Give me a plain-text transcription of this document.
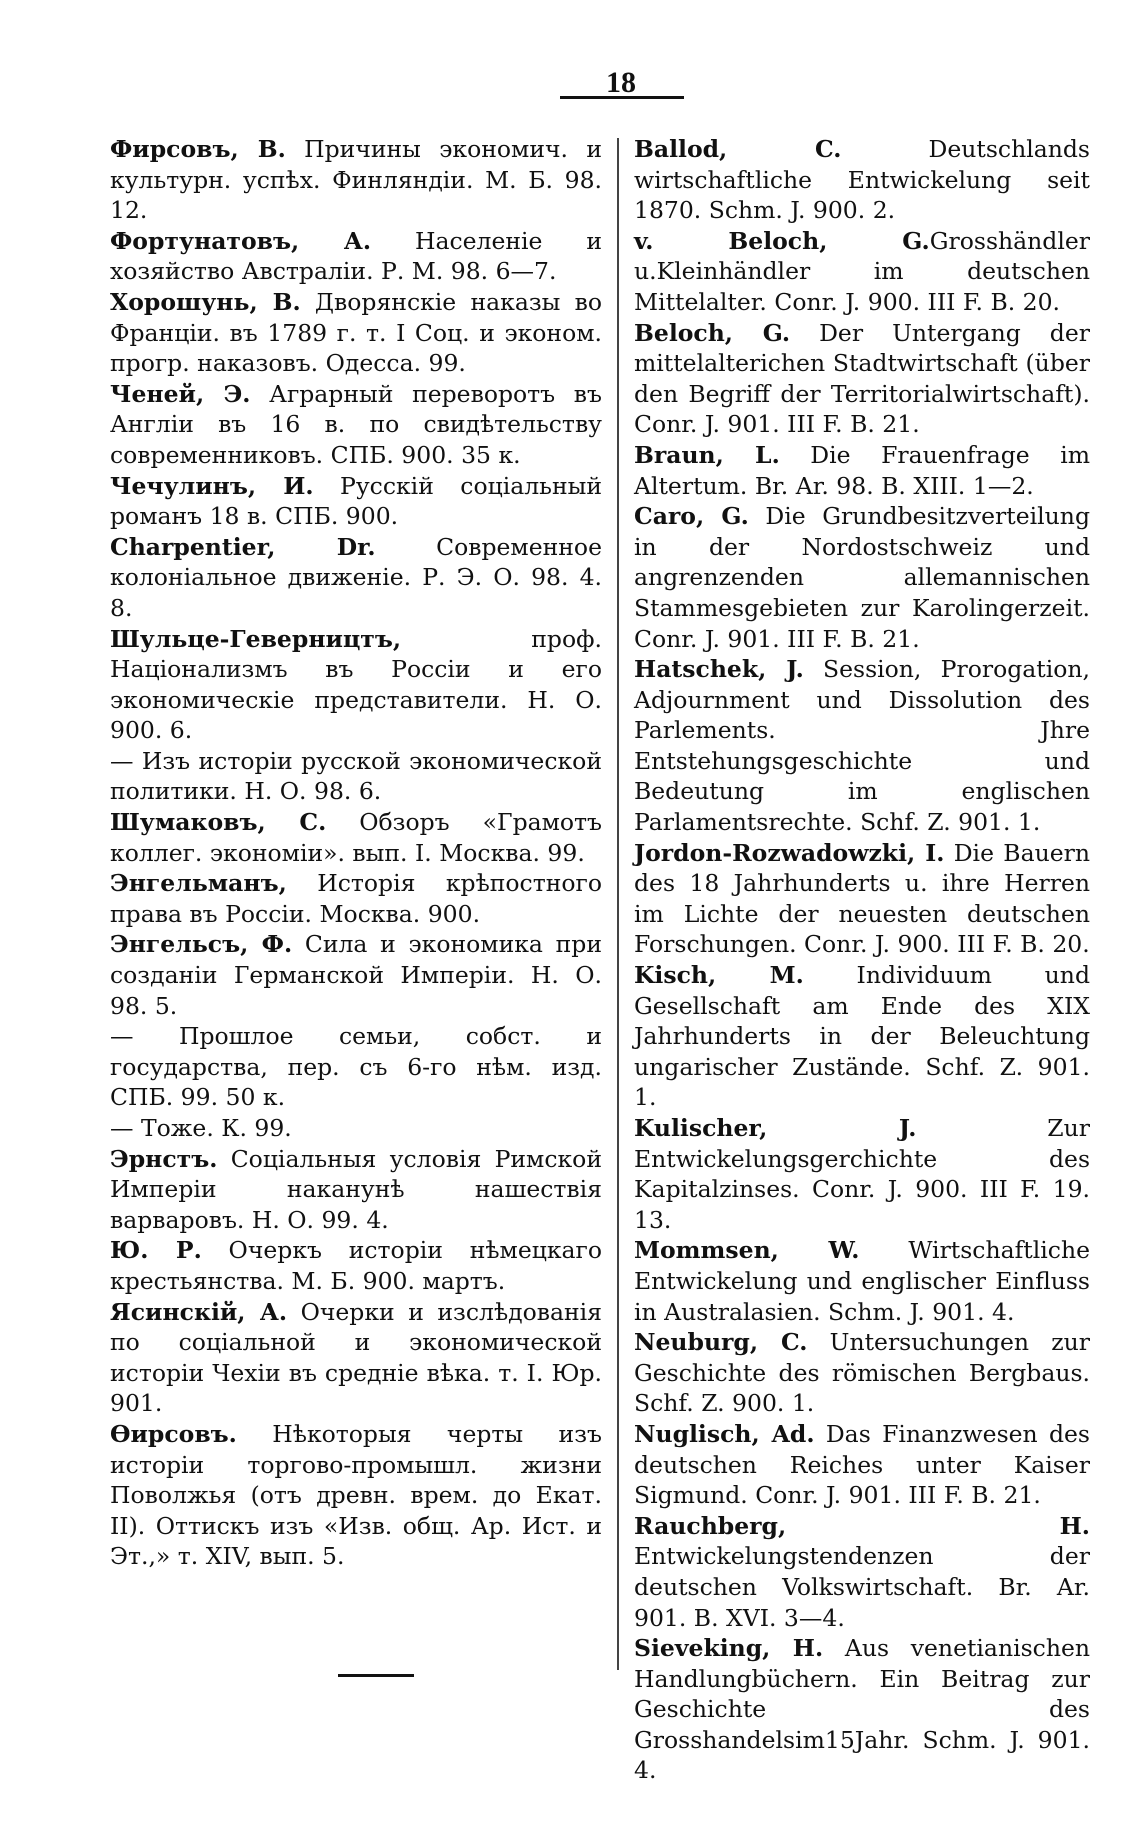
18

Фирсовъ, В. Причины экономич. и культурн. успѣх. Финляндіи. М. Б. 98. 12.

Фортунатовъ, А. Населеніе и хозяйство Австраліи. Р. М. 98. 6—7.

Хорошунь, В. Дворянскіе наказы во Франціи. въ 1789 г. т. I Соц. и эконом. прогр. наказовъ. Одесса. 99.

Ченей, Э. Аграрный переворотъ въ Англіи въ 16 в. по свидѣтельству современниковъ. СПБ. 900. 35 к.

Чечулинъ, И. Русскій соціальный романъ 18 в. СПБ. 900.

Charpentier, Dr. Современное колоніальное движеніе. Р. Э. О. 98. 4. 8.

Шульце-Геверництъ, проф. Націонализмъ въ Россіи и его экономическіе представители. Н. О. 900. 6.

— Изъ исторіи русской экономической политики. Н. О. 98. 6.

Шумаковъ, С. Обзоръ «Грамотъ коллег. экономіи». вып. I. Москва. 99.

Энгельманъ, Исторія крѣпостного права въ Россіи. Москва. 900.

Энгельсъ, Ф. Сила и экономика при созданіи Германской Имперіи. Н. О. 98. 5.

— Прошлое семьи, собст. и государства, пер. съ 6-го нѣм. изд. СПБ. 99. 50 к.

— Тоже. К. 99.

Эрнстъ. Соціальныя условія Римской Имперіи наканунѣ нашествія варваровъ. Н. О. 99. 4.

Ю. Р. Очеркъ исторіи нѣмецкаго крестьянства. М. Б. 900. мартъ.

Ясинскій, А. Очерки и изслѣдованія по соціальной и экономической исторіи Чехіи въ средніе вѣка. т. I. Юр. 901.

Ѳирсовъ. Нѣкоторыя черты изъ исторіи торгово-промышл. жизни Поволжья (отъ древн. врем. до Екат. II). Оттискъ изъ «Изв. общ. Ар. Ист. и Эт.,» т. XIV, вып. 5.

Ballod, C. Deutschlands wirtschaftliche Entwickelung seit 1870. Schm. J. 900. 2.

v. Beloch, G.Grosshändler u.Kleinhändler im deutschen Mittelalter. Conr. J. 900. III F. B. 20.

Beloch, G. Der Untergang der mittelalterichen Stadtwirtschaft (über den Begriff der Territorialwirtschaft). Conr. J. 901. III F. B. 21.

Braun, L. Die Frauenfrage im Altertum. Br. Ar. 98. B. XIII. 1—2.

Caro, G. Die Grundbesitzverteilung in der Nordostschweiz und angrenzenden allemannischen Stammesgebieten zur Karolingerzeit. Conr. J. 901. III F. B. 21.

Hatschek, J. Session, Prorogation, Adjournment und Dissolution des Parlements. Jhre Entstehungsgeschichte und Bedeutung im englischen Parlamentsrechte. Schf. Z. 901. 1.

Jordon-Rozwadowzki, I. Die Bauern des 18 Jahrhunderts u. ihre Herren im Lichte der neuesten deutschen Forschungen. Conr. J. 900. III F. B. 20.

Kisch, M. Individuum und Gesellschaft am Ende des XIX Jahrhunderts in der Beleuchtung ungarischer Zustände. Schf. Z. 901. 1.

Kulischer, J. Zur Entwickelungsgerchichte des Kapitalzinses. Conr. J. 900. III F. 19. 13.

Mommsen, W. Wirtschaftliche Entwickelung und englischer Einfluss in Australasien. Schm. J. 901. 4.

Neuburg, C. Untersuchungen zur Geschichte des römischen Bergbaus. Schf. Z. 900. 1.

Nuglisch, Ad. Das Finanzwesen des deutschen Reiches unter Kaiser Sigmund. Conr. J. 901. III F. B. 21.

Rauchberg, H. Entwickelungstendenzen der deutschen Volkswirtschaft. Br. Ar. 901. B. XVI. 3—4.

Sieveking, H. Aus venetianischen Handlungbüchern. Ein Beitrag zur Geschichte des Grosshandelsim15Jahr. Schm. J. 901. 4.
